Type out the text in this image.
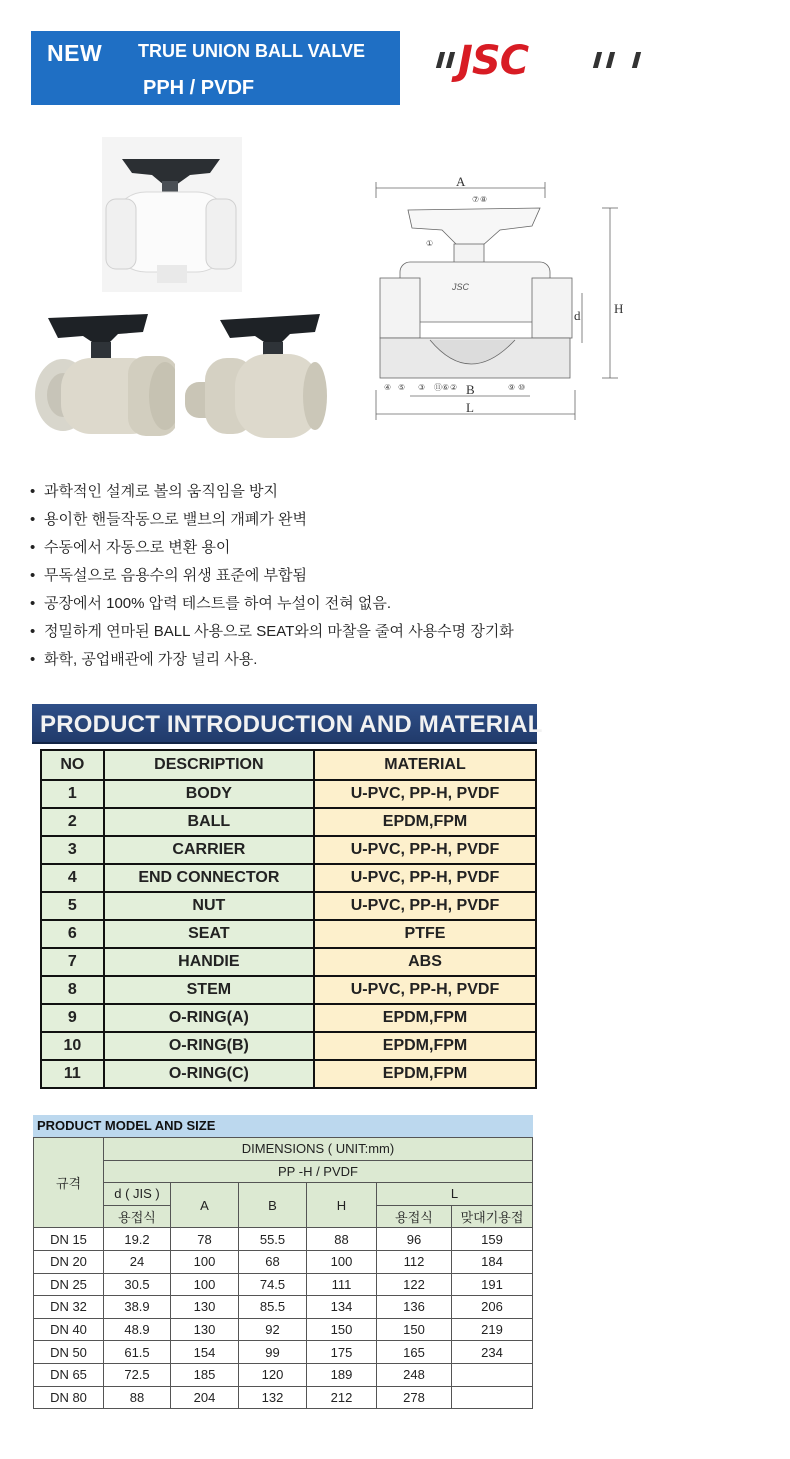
NEW TRUE UNION BALL VALVE
PPH / PVDF
JSC
A
B
L
H
d
JSC
⑦ ⑧
①
④ ⑤ ③ ⑪ ⑥ ②	⑨ ⑩
• 과학적인 설계로 볼의 움직임을 방지
• 용이한 핸들작동으로 밸브의 개폐가 완벽
• 수동에서 자동으로 변환 용이
• 무독설으로 음용수의 위생 표준에 부합됨
• 공장에서 100% 압력 테스트를 하여 누설이 전혀 없음.
• 정밀하게 연마된 BALL 사용으로 SEAT와의 마찰을 줄여 사용수명 장기화
• 화학, 공업배관에 가장 널리 사용.
PRODUCT INTRODUCTION AND MATERIAL
NO	DESCRIPTION	MATERIAL
1	BODY	U-PVC, PP-H, PVDF
2	BALL	EPDM,FPM
3	CARRIER	U-PVC, PP-H, PVDF
4	END CONNECTOR	U-PVC, PP-H, PVDF
5	NUT	U-PVC, PP-H, PVDF
6	SEAT	PTFE
7	HANDIE	ABS
8	STEM	U-PVC, PP-H, PVDF
9	O-RING(A)	EPDM,FPM
10	O-RING(B)	EPDM,FPM
11	O-RING(C)	EPDM,FPM
PRODUCT MODEL AND SIZE
규격	DIMENSIONS ( UNIT:mm)					
	PP -H / PVDF					
	d ( JIS )	A	B	H	L	
	용접식				용접식	맞대기용접
DN 15	19.2	78	55.5	88	96	159
DN 20	24	100	68	100	112	184
DN 25	30.5	100	74.5	111	122	191
DN 32	38.9	130	85.5	134	136	206
DN 40	48.9	130	92	150	150	219
DN 50	61.5	154	99	175	165	234
DN 65	72.5	185	120	189	248	
DN 80	88	204	132	212	278	
